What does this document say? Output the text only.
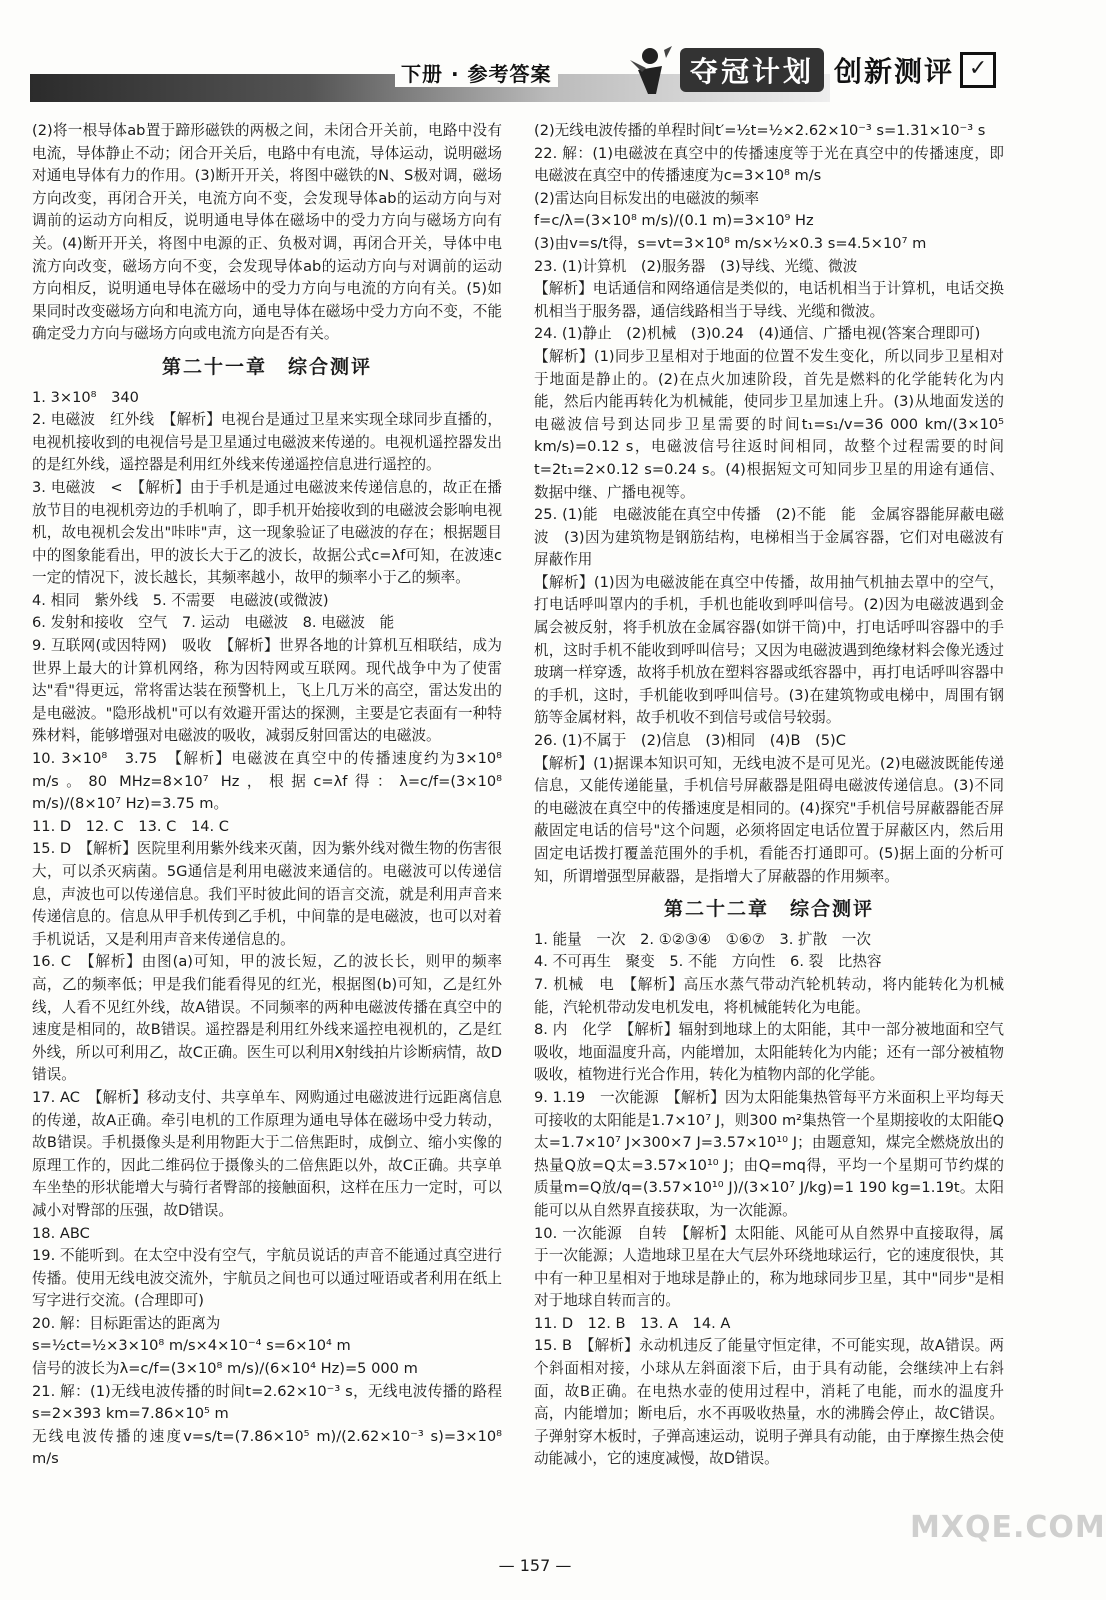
下册 · 参考答案	夺冠计划 创新测评 ✓

(2)将一根导体ab置于蹄形磁铁的两极之间，未闭合开关前，电路中没有电流，导体静止不动；闭合开关后，电路中有电流，导体运动，说明磁场对通电导体有力的作用。(3)断开开关，将图中磁铁的N、S极对调，磁场方向改变，再闭合开关，电流方向不变，会发现导体ab的运动方向与对调前的运动方向相反，说明通电导体在磁场中的受力方向与磁场方向有关。(4)断开开关，将图中电源的正、负极对调，再闭合开关，导体中电流方向改变，磁场方向不变，会发现导体ab的运动方向与对调前的运动方向相反，说明通电导体在磁场中的受力方向与电流的方向有关。(5)如果同时改变磁场方向和电流方向，通电导体在磁场中受力方向不变，不能确定受力方向与磁场方向或电流方向是否有关。

第二十一章　综合测评

1. 3×10⁸　340

2. 电磁波　红外线　【解析】电视台是通过卫星来实现全球同步直播的，电视机接收到的电视信号是卫星通过电磁波来传递的。电视机遥控器发出的是红外线，遥控器是利用红外线来传递遥控信息进行遥控的。

3. 电磁波　<　【解析】由于手机是通过电磁波来传递信息的，故正在播放节目的电视机旁边的手机响了，即手机开始接收到的电磁波会影响电视机，故电视机会发出"咔咔"声，这一现象验证了电磁波的存在；根据题目中的图象能看出，甲的波长大于乙的波长，故据公式c=λf可知，在波速c一定的情况下，波长越长，其频率越小，故甲的频率小于乙的频率。

4. 相同　紫外线　5. 不需要　电磁波(或微波)

6. 发射和接收　空气　7. 运动　电磁波　8. 电磁波　能

9. 互联网(或因特网)　吸收　【解析】世界各地的计算机互相联结，成为世界上最大的计算机网络，称为因特网或互联网。现代战争中为了使雷达"看"得更远，常将雷达装在预警机上，飞上几万米的高空，雷达发出的是电磁波。"隐形战机"可以有效避开雷达的探测，主要是它表面有一种特殊材料，能够增强对电磁波的吸收，减弱反射回雷达的电磁波。

10. 3×10⁸　3.75　【解析】电磁波在真空中的传播速度约为3×10⁸ m/s。80 MHz=8×10⁷ Hz，根据c=λf得：λ=c/f=(3×10⁸ m/s)/(8×10⁷ Hz)=3.75 m。

11. D　12. C　13. C　14. C

15. D　【解析】医院里利用紫外线来灭菌，因为紫外线对微生物的伤害很大，可以杀灭病菌。5G通信是利用电磁波来通信的。电磁波可以传递信息，声波也可以传递信息。我们平时彼此间的语言交流，就是利用声音来传递信息的。信息从甲手机传到乙手机，中间靠的是电磁波，也可以对着手机说话，又是利用声音来传递信息的。

16. C　【解析】由图(a)可知，甲的波长短，乙的波长长，则甲的频率高，乙的频率低；甲是我们能看得见的红光，根据图(b)可知，乙是红外线，人看不见红外线，故A错误。不同频率的两种电磁波传播在真空中的速度是相同的，故B错误。遥控器是利用红外线来遥控电视机的，乙是红外线，所以可利用乙，故C正确。医生可以利用X射线拍片诊断病情，故D错误。

17. AC　【解析】移动支付、共享单车、网购通过电磁波进行远距离信息的传递，故A正确。牵引电机的工作原理为通电导体在磁场中受力转动，故B错误。手机摄像头是利用物距大于二倍焦距时，成倒立、缩小实像的原理工作的，因此二维码位于摄像头的二倍焦距以外，故C正确。共享单车坐垫的形状能增大与骑行者臀部的接触面积，这样在压力一定时，可以减小对臀部的压强，故D错误。

18. ABC

19. 不能听到。在太空中没有空气，宇航员说话的声音不能通过真空进行传播。使用无线电波交流外，宇航员之间也可以通过哑语或者利用在纸上写字进行交流。(合理即可)

20. 解：目标距雷达的距离为

s=½ct=½×3×10⁸ m/s×4×10⁻⁴ s=6×10⁴ m

信号的波长为λ=c/f=(3×10⁸ m/s)/(6×10⁴ Hz)=5 000 m

21. 解：(1)无线电波传播的时间t=2.62×10⁻³ s，无线电波传播的路程s=2×393 km=7.86×10⁵ m

无线电波传播的速度v=s/t=(7.86×10⁵ m)/(2.62×10⁻³ s)=3×10⁸ m/s

(2)无线电波传播的单程时间t′=½t=½×2.62×10⁻³ s=1.31×10⁻³ s

22. 解：(1)电磁波在真空中的传播速度等于光在真空中的传播速度，即电磁波在真空中的传播速度为c=3×10⁸ m/s

(2)雷达向目标发出的电磁波的频率

f=c/λ=(3×10⁸ m/s)/(0.1 m)=3×10⁹ Hz

(3)由v=s/t得，s=vt=3×10⁸ m/s×½×0.3 s=4.5×10⁷ m

23. (1)计算机　(2)服务器　(3)导线、光缆、微波

【解析】电话通信和网络通信是类似的，电话机相当于计算机，电话交换机相当于服务器，通信线路相当于导线、光缆和微波。

24. (1)静止　(2)机械　(3)0.24　(4)通信、广播电视(答案合理即可)

【解析】(1)同步卫星相对于地面的位置不发生变化，所以同步卫星相对于地面是静止的。(2)在点火加速阶段，首先是燃料的化学能转化为内能，然后内能再转化为机械能，使同步卫星加速上升。(3)从地面发送的电磁波信号到达同步卫星需要的时间t₁=s₁/v=36 000 km/(3×10⁵ km/s)=0.12 s，电磁波信号往返时间相同，故整个过程需要的时间t=2t₁=2×0.12 s=0.24 s。(4)根据短文可知同步卫星的用途有通信、数据中继、广播电视等。

25. (1)能　电磁波能在真空中传播　(2)不能　能　金属容器能屏蔽电磁波　(3)因为建筑物是钢筋结构，电梯相当于金属容器，它们对电磁波有屏蔽作用

【解析】(1)因为电磁波能在真空中传播，故用抽气机抽去罩中的空气，打电话呼叫罩内的手机，手机也能收到呼叫信号。(2)因为电磁波遇到金属会被反射，将手机放在金属容器(如饼干筒)中，打电话呼叫容器中的手机，这时手机不能收到呼叫信号；又因为电磁波遇到绝缘材料会像光透过玻璃一样穿透，故将手机放在塑料容器或纸容器中，再打电话呼叫容器中的手机，这时，手机能收到呼叫信号。(3)在建筑物或电梯中，周围有钢筋等金属材料，故手机收不到信号或信号较弱。

26. (1)不属于　(2)信息　(3)相同　(4)B　(5)C

【解析】(1)据课本知识可知，无线电波不是可见光。(2)电磁波既能传递信息，又能传递能量，手机信号屏蔽器是阻碍电磁波传递信息。(3)不同的电磁波在真空中的传播速度是相同的。(4)探究"手机信号屏蔽器能否屏蔽固定电话的信号"这个问题，必须将固定电话位置于屏蔽区内，然后用固定电话拨打覆盖范围外的手机，看能否打通即可。(5)据上面的分析可知，所谓增强型屏蔽器，是指增大了屏蔽器的作用频率。

第二十二章　综合测评

1. 能量　一次　2. ①②③④　①⑥⑦　3. 扩散　一次

4. 不可再生　聚变　5. 不能　方向性　6. 裂　比热容

7. 机械　电　【解析】高压水蒸气带动汽轮机转动，将内能转化为机械能，汽轮机带动发电机发电，将机械能转化为电能。

8. 内　化学　【解析】辐射到地球上的太阳能，其中一部分被地面和空气吸收，地面温度升高，内能增加，太阳能转化为内能；还有一部分被植物吸收，植物进行光合作用，转化为植物内部的化学能。

9. 1.19　一次能源　【解析】因为太阳能集热管每平方米面积上平均每天可接收的太阳能是1.7×10⁷ J，则300 m²集热管一个星期接收的太阳能Q太=1.7×10⁷ J×300×7 J=3.57×10¹⁰ J；由题意知，煤完全燃烧放出的热量Q放=Q太=3.57×10¹⁰ J；由Q=mq得，平均一个星期可节约煤的质量m=Q放/q=(3.57×10¹⁰ J)/(3×10⁷ J/kg)=1 190 kg=1.19t。太阳能可以从自然界直接获取，为一次能源。

10. 一次能源　自转　【解析】太阳能、风能可从自然界中直接取得，属于一次能源；人造地球卫星在大气层外环绕地球运行，它的速度很快，其中有一种卫星相对于地球是静止的，称为地球同步卫星，其中"同步"是相对于地球自转而言的。

11. D　12. B　13. A　14. A

15. B　【解析】永动机违反了能量守恒定律，不可能实现，故A错误。两个斜面相对接，小球从左斜面滚下后，由于具有动能，会继续冲上右斜面，故B正确。在电热水壶的使用过程中，消耗了电能，而水的温度升高，内能增加；断电后，水不再吸收热量，水的沸腾会停止，故C错误。子弹射穿木板时，子弹高速运动，说明子弹具有动能，由于摩擦生热会使动能减小，它的速度减慢，故D错误。

— 157 —
MXQE.COM
